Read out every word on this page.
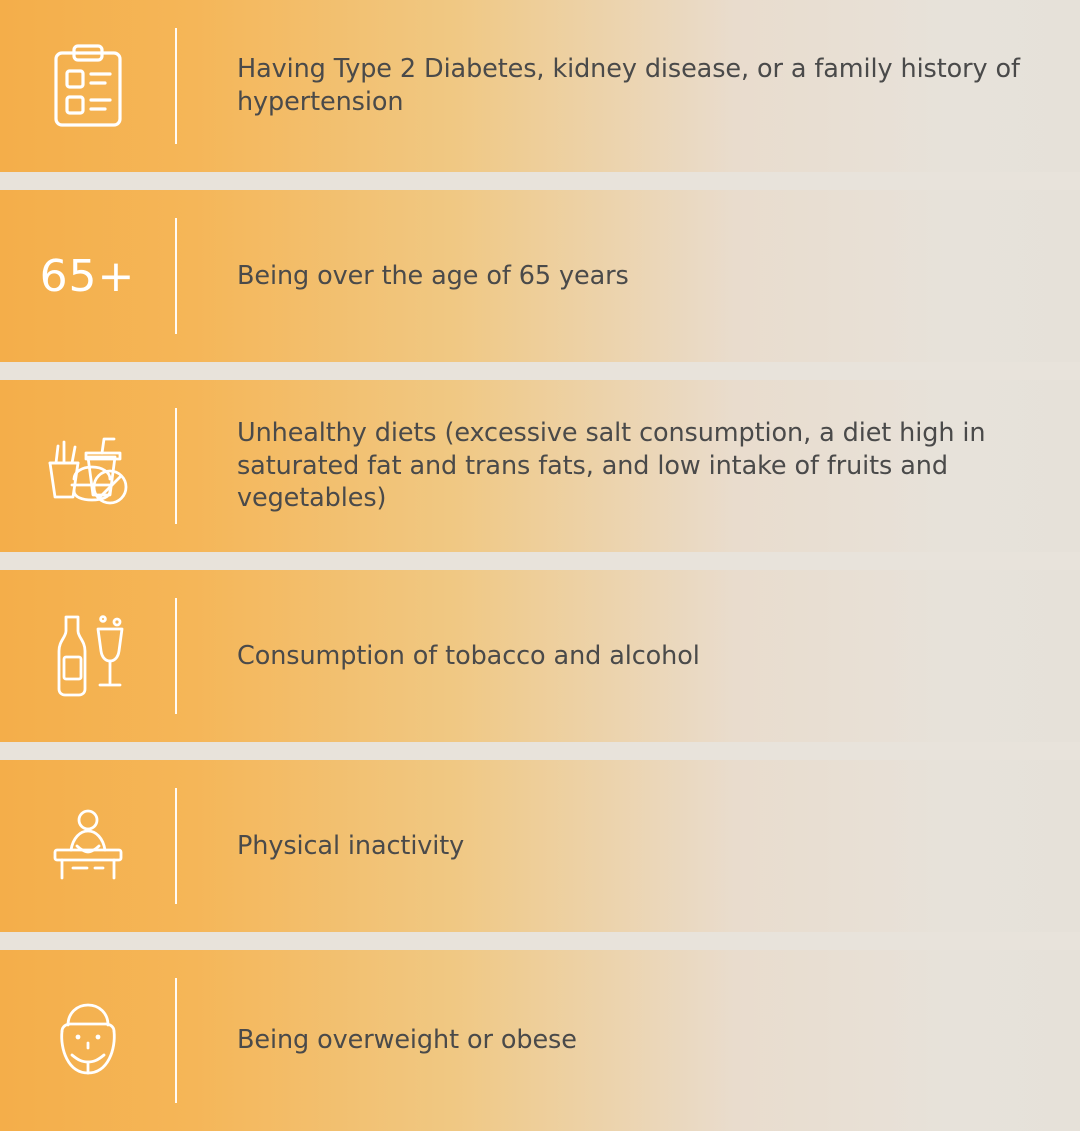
Having Type 2 Diabetes, kidney disease, or a family history of hypertension
65+	Being over the age of 65 years
Unhealthy diets (excessive salt consumption, a diet high in saturated fat and trans fats, and low intake of fruits and vegetables)
Consumption of tobacco and alcohol
Physical inactivity
Being overweight or obese
